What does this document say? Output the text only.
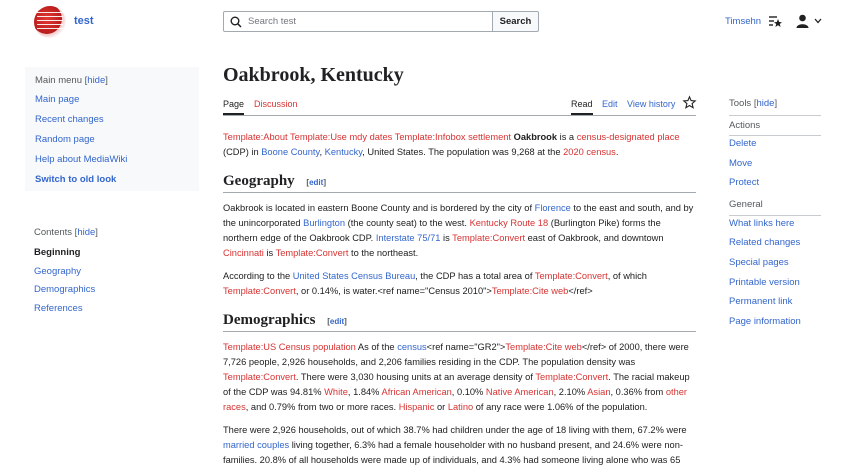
test
Search test	Search	Timsehn
Main menu [hide]
Main page
Recent changes
Random page
Help about MediaWiki
Switch to old look
Contents [hide]
Beginning
Geography
Demographics
References
Oakbrook, Kentucky
Page Discussion	Read Edit View history

Template:About Template:Use mdy dates Template:Infobox settlement Oakbrook is a census-designated place (CDP) in Boone County, Kentucky, United States. The population was 9,268 at the 2020 census.

Geography [edit]

Oakbrook is located in eastern Boone County and is bordered by the city of Florence to the east and south, and by the unincorporated Burlington (the county seat) to the west. Kentucky Route 18 (Burlington Pike) forms the northern edge of the Oakbrook CDP. Interstate 75/71 is Template:Convert east of Oakbrook, and downtown Cincinnati is Template:Convert to the northeast.

According to the United States Census Bureau, the CDP has a total area of Template:Convert, of which Template:Convert, or 0.14%, is water.<ref name="Census 2010">Template:Cite web</ref>

Demographics [edit]

Template:US Census population As of the census<ref name="GR2">Template:Cite web</ref> of 2000, there were 7,726 people, 2,926 households, and 2,206 families residing in the CDP. The population density was Template:Convert. There were 3,030 housing units at an average density of Template:Convert. The racial makeup of the CDP was 94.81% White, 1.84% African American, 0.10% Native American, 2.10% Asian, 0.36% from other races, and 0.79% from two or more races. Hispanic or Latino of any race were 1.06% of the population.

There were 2,926 households, out of which 38.7% had children under the age of 18 living with them, 67.2% were married couples living together, 6.3% had a female householder with no husband present, and 24.6% were non-families. 20.8% of all households were made up of individuals, and 4.3% had someone living alone who was 65

Tools [hide]
Actions
Delete
Move
Protect
General
What links here
Related changes
Special pages
Printable version
Permanent link
Page information
